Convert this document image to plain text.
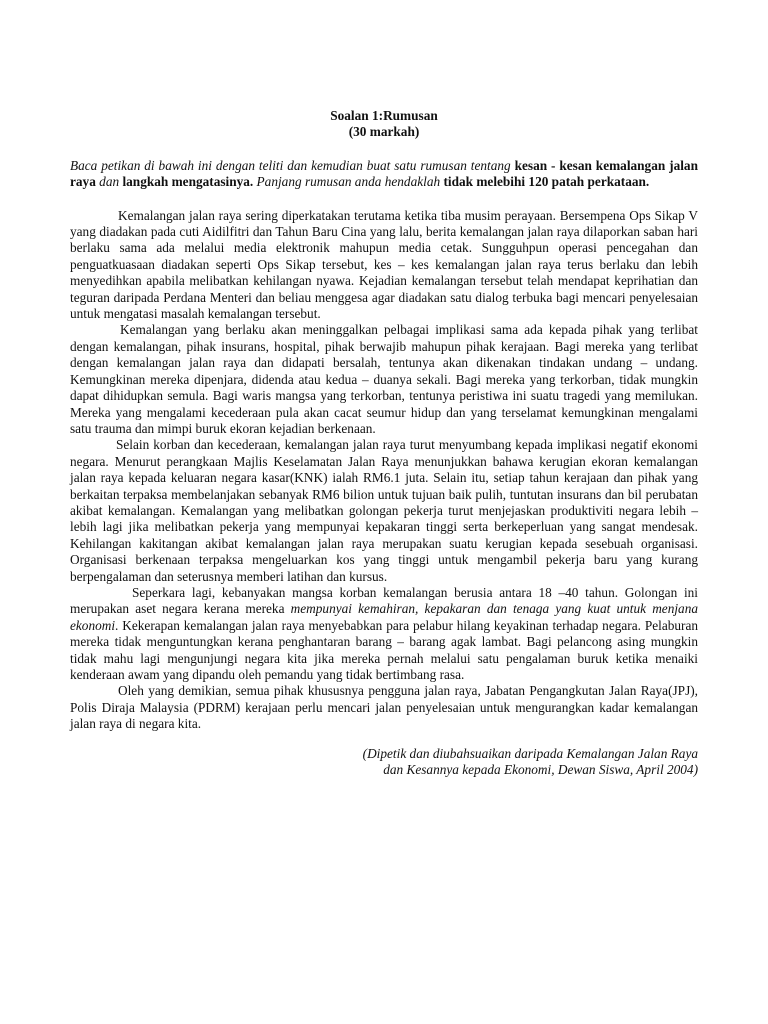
Soalan 1:Rumusan

(30 markah)

Baca petikan di bawah ini dengan teliti dan kemudian buat satu rumusan tentang kesan - kesan kemalangan jalan raya dan langkah mengatasinya. Panjang rumusan anda hendaklah tidak melebihi 120 patah perkataan.

Kemalangan jalan raya sering diperkatakan terutama ketika tiba musim perayaan. Bersempena Ops Sikap V yang diadakan pada cuti Aidilfitri dan Tahun Baru Cina yang lalu, berita kemalangan jalan raya dilaporkan saban hari berlaku sama ada melalui media elektronik mahupun media cetak. Sungguhpun operasi pencegahan dan penguatkuasaan diadakan seperti Ops Sikap tersebut, kes – kes kemalangan jalan raya terus berlaku dan lebih menyedihkan apabila melibatkan kehilangan nyawa. Kejadian kemalangan tersebut telah mendapat keprihatian dan teguran daripada Perdana Menteri dan beliau menggesa agar diadakan satu dialog terbuka bagi mencari penyelesaian untuk mengatasi masalah kemalangan tersebut.

Kemalangan yang berlaku akan meninggalkan pelbagai implikasi sama ada kepada pihak yang terlibat dengan kemalangan, pihak insurans, hospital, pihak berwajib mahupun pihak kerajaan. Bagi mereka yang terlibat dengan kemalangan jalan raya dan didapati bersalah, tentunya akan dikenakan tindakan undang – undang. Kemungkinan mereka dipenjara, didenda atau kedua – duanya sekali. Bagi mereka yang terkorban, tidak mungkin dapat dihidupkan semula. Bagi waris mangsa yang terkorban, tentunya peristiwa ini suatu tragedi yang memilukan. Mereka yang mengalami kecederaan pula akan cacat seumur hidup dan yang terselamat kemungkinan mengalami satu trauma dan mimpi buruk ekoran kejadian berkenaan.

Selain korban dan kecederaan, kemalangan jalan raya turut menyumbang kepada implikasi negatif ekonomi negara. Menurut perangkaan Majlis Keselamatan Jalan Raya menunjukkan bahawa kerugian ekoran kemalangan jalan raya kepada keluaran negara kasar(KNK) ialah RM6.1 juta. Selain itu, setiap tahun kerajaan dan pihak yang berkaitan terpaksa membelanjakan sebanyak RM6 bilion untuk tujuan baik pulih, tuntutan insurans dan bil perubatan akibat kemalangan. Kemalangan yang melibatkan golongan pekerja turut menjejaskan produktiviti negara lebih – lebih lagi jika melibatkan pekerja yang mempunyai kepakaran tinggi serta berkeperluan yang sangat mendesak. Kehilangan kakitangan akibat kemalangan jalan raya merupakan suatu kerugian kepada sesebuah organisasi. Organisasi berkenaan terpaksa mengeluarkan kos yang tinggi untuk mengambil pekerja baru yang kurang berpengalaman dan seterusnya memberi latihan dan kursus.

Seperkara lagi, kebanyakan mangsa korban kemalangan berusia antara 18 –40 tahun. Golongan ini merupakan aset negara kerana mereka mempunyai kemahiran, kepakaran dan tenaga yang kuat untuk menjana ekonomi. Kekerapan kemalangan jalan raya menyebabkan para pelabur hilang keyakinan terhadap negara. Pelaburan mereka tidak menguntungkan kerana penghantaran barang – barang agak lambat. Bagi pelancong asing mungkin tidak mahu lagi mengunjungi negara kita jika mereka pernah melalui satu pengalaman buruk ketika menaiki kenderaan awam yang dipandu oleh pemandu yang tidak bertimbang rasa.

Oleh yang demikian, semua pihak khususnya pengguna jalan raya, Jabatan Pengangkutan Jalan Raya(JPJ), Polis Diraja Malaysia (PDRM) kerajaan perlu mencari jalan penyelesaian untuk mengurangkan kadar kemalangan jalan raya di negara kita.

(Dipetik dan diubahsuaikan daripada Kemalangan Jalan Raya
dan Kesannya kepada Ekonomi, Dewan Siswa, April 2004)
